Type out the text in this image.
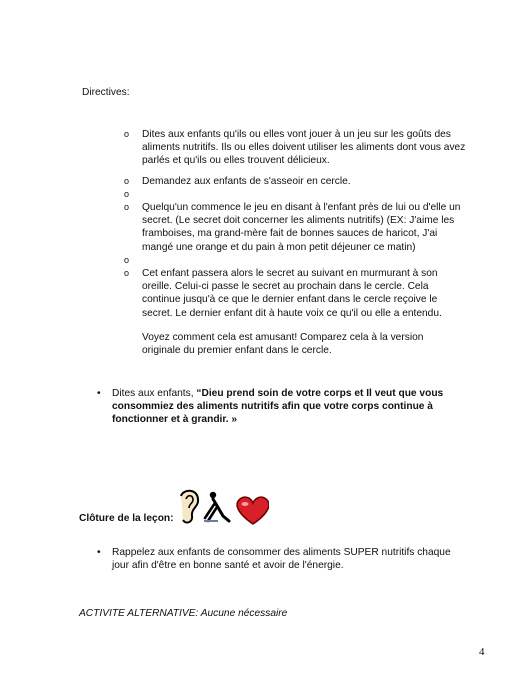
Directives:
o Dites aux enfants qu'ils ou elles vont jouer à un jeu sur les goûts des aliments nutritifs. Ils ou elles doivent utiliser les aliments dont vous avez parlés et qu'ils ou elles trouvent délicieux.
o Demandez aux enfants de s'asseoir en cercle.
o

o Quelqu'un commence le jeu en disant à l'enfant près de lui ou d'elle un secret. (Le secret doit concerner les aliments nutritifs) (EX: J'aime les framboises, ma grand-mère fait de bonnes sauces de haricot, J'ai mangé une orange et du pain à mon petit déjeuner ce matin)
o

o Cet enfant passera alors le secret au suivant en murmurant à son oreille. Celui-ci passe le secret au prochain dans le cercle. Cela continue jusqu'à ce que le dernier enfant dans le cercle reçoive le secret. Le dernier enfant dit à haute voix ce qu'il ou elle a entendu.
Voyez comment cela est amusant! Comparez cela à la version originale du premier enfant dans le cercle.
• Dites aux enfants, “Dieu prend soin de votre corps et Il veut que vous consommiez des aliments nutritifs afin que votre corps continue à fonctionner et à grandir. »
Clôture de la leçon:
• Rappelez aux enfants de consommer des aliments SUPER nutritifs chaque jour afin d'être en bonne santé et avoir de l'énergie.
ACTIVITE ALTERNATIVE: Aucune nécessaire
4
